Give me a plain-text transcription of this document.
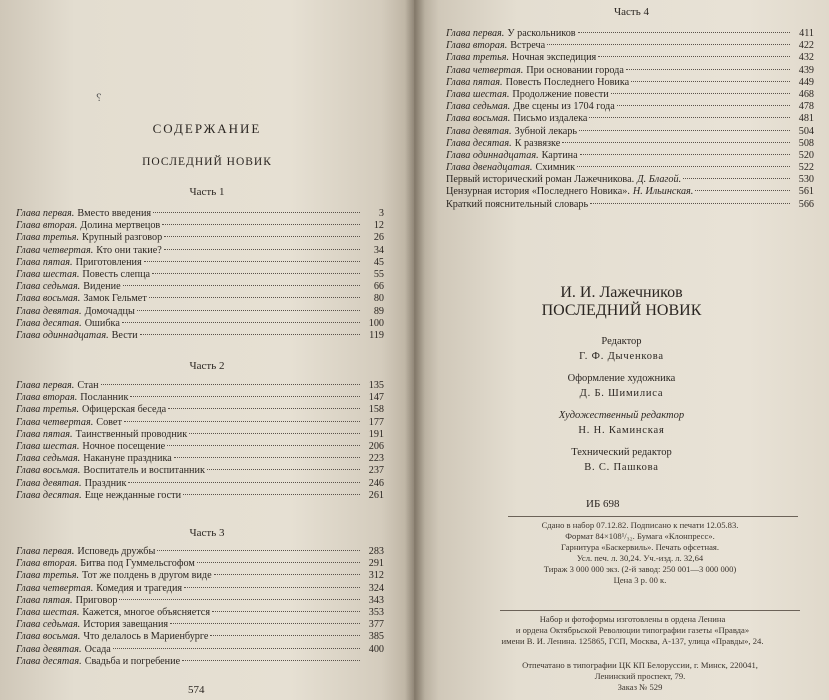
⸮
СОДЕРЖАНИЕ
ПОСЛЕДНИЙ НОВИК
Часть 1
Глава первая. Вместо введения	3
Глава вторая. Долина мертвецов	12
Глава третья. Крупный разговор	26
Глава четвертая. Кто они такие?	34
Глава пятая. Приготовления	45
Глава шестая. Повесть слепца	55
Глава седьмая. Видение	66
Глава восьмая. Замок Гельмет	80
Глава девятая. Домочадцы	89
Глава десятая. Ошибка	100
Глава одиннадцатая. Вести	119
Часть 2
Глава первая. Стан	135
Глава вторая. Посланник	147
Глава третья. Офицерская беседа	158
Глава четвертая. Совет	177
Глава пятая. Таинственный проводник	191
Глава шестая. Ночное посещение	206
Глава седьмая. Накануне праздника	223
Глава восьмая. Воспитатель и воспитанник	237
Глава девятая. Праздник	246
Глава десятая. Еще нежданные гости	261
Часть 3
Глава первая. Исповедь дружбы	283
Глава вторая. Битва под Гуммельсгофом	291
Глава третья. Тот же полдень в другом виде	312
Глава четвертая. Комедия и трагедия	324
Глава пятая. Приговор	343
Глава шестая. Кажется, многое объясняется	353
Глава седьмая. История завещания	377
Глава восьмая. Что делалось в Мариенбурге	385
Глава девятая. Осада	400
Глава десятая. Свадьба и погребение
574
Часть 4
Глава первая. У раскольников	411
Глава вторая. Встреча	422
Глава третья. Ночная экспедиция	432
Глава четвертая. При основании города	439
Глава пятая. Повесть Последнего Новика	449
Глава шестая. Продолжение повести	468
Глава седьмая. Две сцены из 1704 года	478
Глава восьмая. Письмо издалека	481
Глава девятая. Зубной лекарь	504
Глава десятая. К развязке	508
Глава одиннадцатая. Картина	520
Глава двенадцатая. Схимник	522
Первый исторический роман Лажечникова. Д. Благой.	530
Цензурная история «Последнего Новика». Н. Ильинская.	561
Краткий пояснительный словарь	566
И. И. Лажечников
ПОСЛЕДНИЙ НОВИК
Редактор
Г. Ф. Дыченкова
Оформление художника
Д. Б. Шимилиса
Художественный редактор
Н. Н. Каминская
Технический редактор
В. С. Пашкова
ИБ 698
Сдано в набор 07.12.82. Подписано к печати 12.05.83.
Формат 84×108¹/₃₂. Бумага «Клонпресс».
Гарнитура «Баскервиль». Печать офсетная.
Усл. печ. л. 30,24. Уч.-изд. л. 32,64
Тираж 3 000 000 экз. (2-й завод: 250 001—3 000 000)
Цена 3 р. 00 к.
Набор и фотоформы изготовлены в ордена Ленина
и ордена Октябрьской Революции типографии газеты «Правда»
имени В. И. Ленина. 125865, ГСП, Москва, А-137, улица «Правды», 24.
Отпечатано в типографии ЦК КП Белоруссии, г. Минск, 220041,
Ленинский проспект, 79.
Заказ № 529
